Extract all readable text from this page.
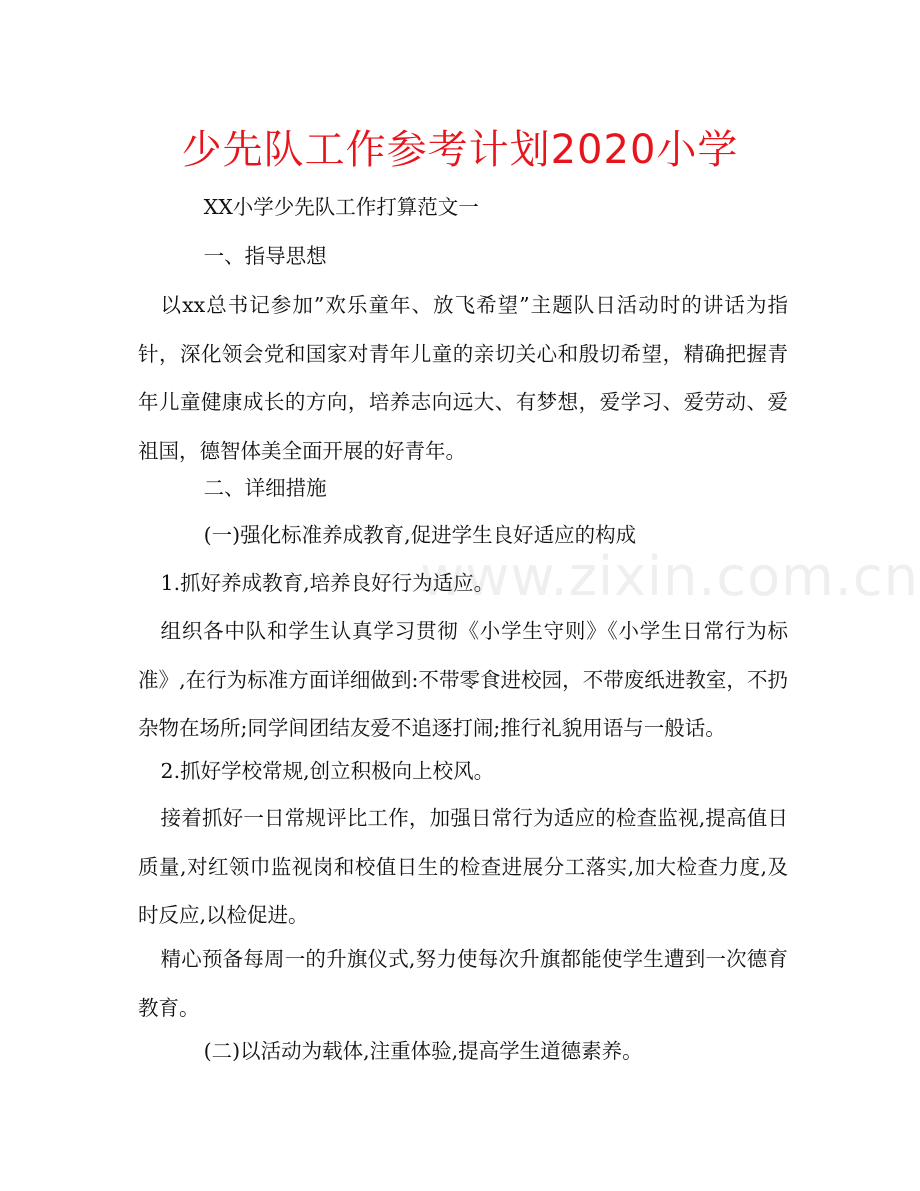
少先队工作参考计划2020小学
www.zixin.com.cn

XX小学少先队工作打算范文一

一、指导思想

以xx总书记参加”欢乐童年、放飞希望”主题队日活动时的讲话为指针，深化领会党和国家对青年儿童的亲切关心和殷切希望，精确把握青年儿童健康成长的方向，培养志向远大、有梦想，爱学习、爱劳动、爱祖国，德智体美全面开展的好青年。

二、详细措施

(一)强化标准养成教育,促进学生良好适应的构成

1.抓好养成教育,培养良好行为适应。

组织各中队和学生认真学习贯彻《小学生守则》《小学生日常行为标准》,在行为标准方面详细做到:不带零食进校园，不带废纸进教室，不扔杂物在场所;同学间团结友爱不追逐打闹;推行礼貌用语与一般话。

2.抓好学校常规,创立积极向上校风。

接着抓好一日常规评比工作，加强日常行为适应的检查监视,提高值日质量,对红领巾监视岗和校值日生的检查进展分工落实,加大检查力度,及时反应,以检促进。

精心预备每周一的升旗仪式,努力使每次升旗都能使学生遭到一次德育教育。

(二)以活动为载体,注重体验,提高学生道德素养。
